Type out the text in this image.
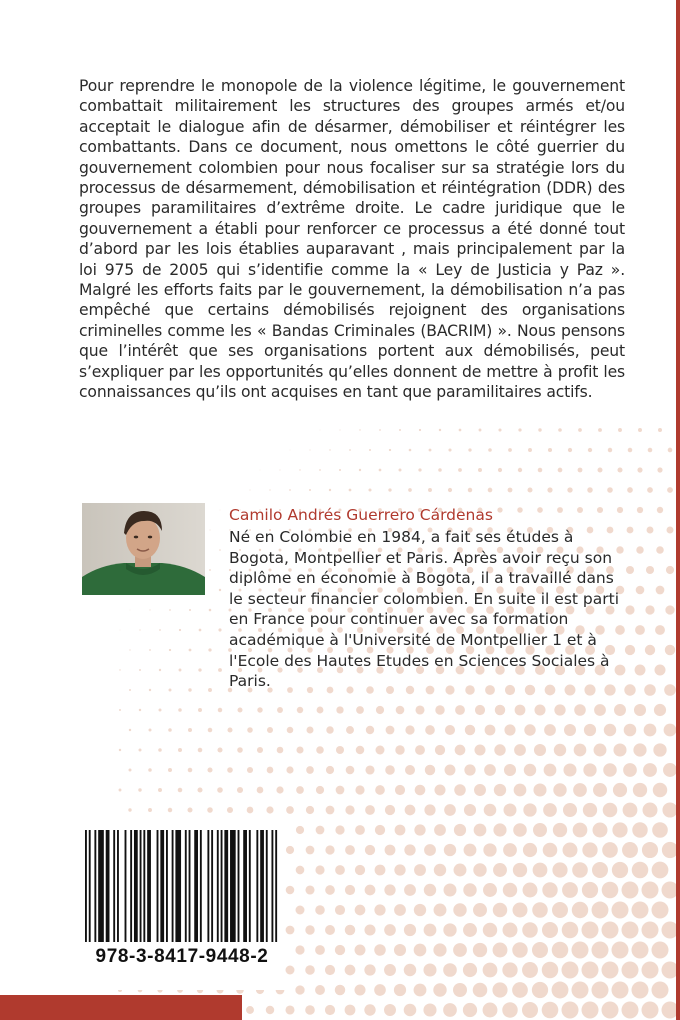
Pour reprendre le monopole de la violence légitime, le gouvernement combattait militairement les structures des groupes armés et/ou acceptait le dialogue afin de désarmer, démobiliser et réintégrer les combattants. Dans ce document, nous omettons le côté guerrier du gouvernement colombien pour nous focaliser sur sa stratégie lors du processus de désarmement, démobilisation et réintégration (DDR) des groupes paramilitaires d’extrême droite. Le cadre juridique que le gouvernement a établi pour renforcer ce processus a été donné tout d’abord par les lois établies auparavant , mais principalement par la loi 975 de 2005 qui s’identifie comme la « Ley de Justicia y Paz ». Malgré les efforts faits par le gouvernement, la démobilisation n’a pas empêché que certains démobilisés rejoignent des organisations criminelles comme les « Bandas Criminales (BACRIM) ». Nous pensons que l’intérêt que ses organisations portent aux démobilisés, peut s’expliquer par les opportunités qu’elles donnent de mettre à profit les connaissances qu’ils ont acquises en tant que paramilitaires actifs.
Camilo Andrés Guerrero Cárdenas
Né en Colombie en 1984, a fait ses études à Bogota, Montpellier et Paris. Après avoir reçu son diplôme en économie à Bogota, il a travaillé dans le secteur financier colombien. En suite il est parti en France pour continuer avec sa formation académique à l'Université de Montpellier 1 et à l'Ecole des Hautes Etudes en Sciences Sociales à Paris.
978-3-8417-9448-2
